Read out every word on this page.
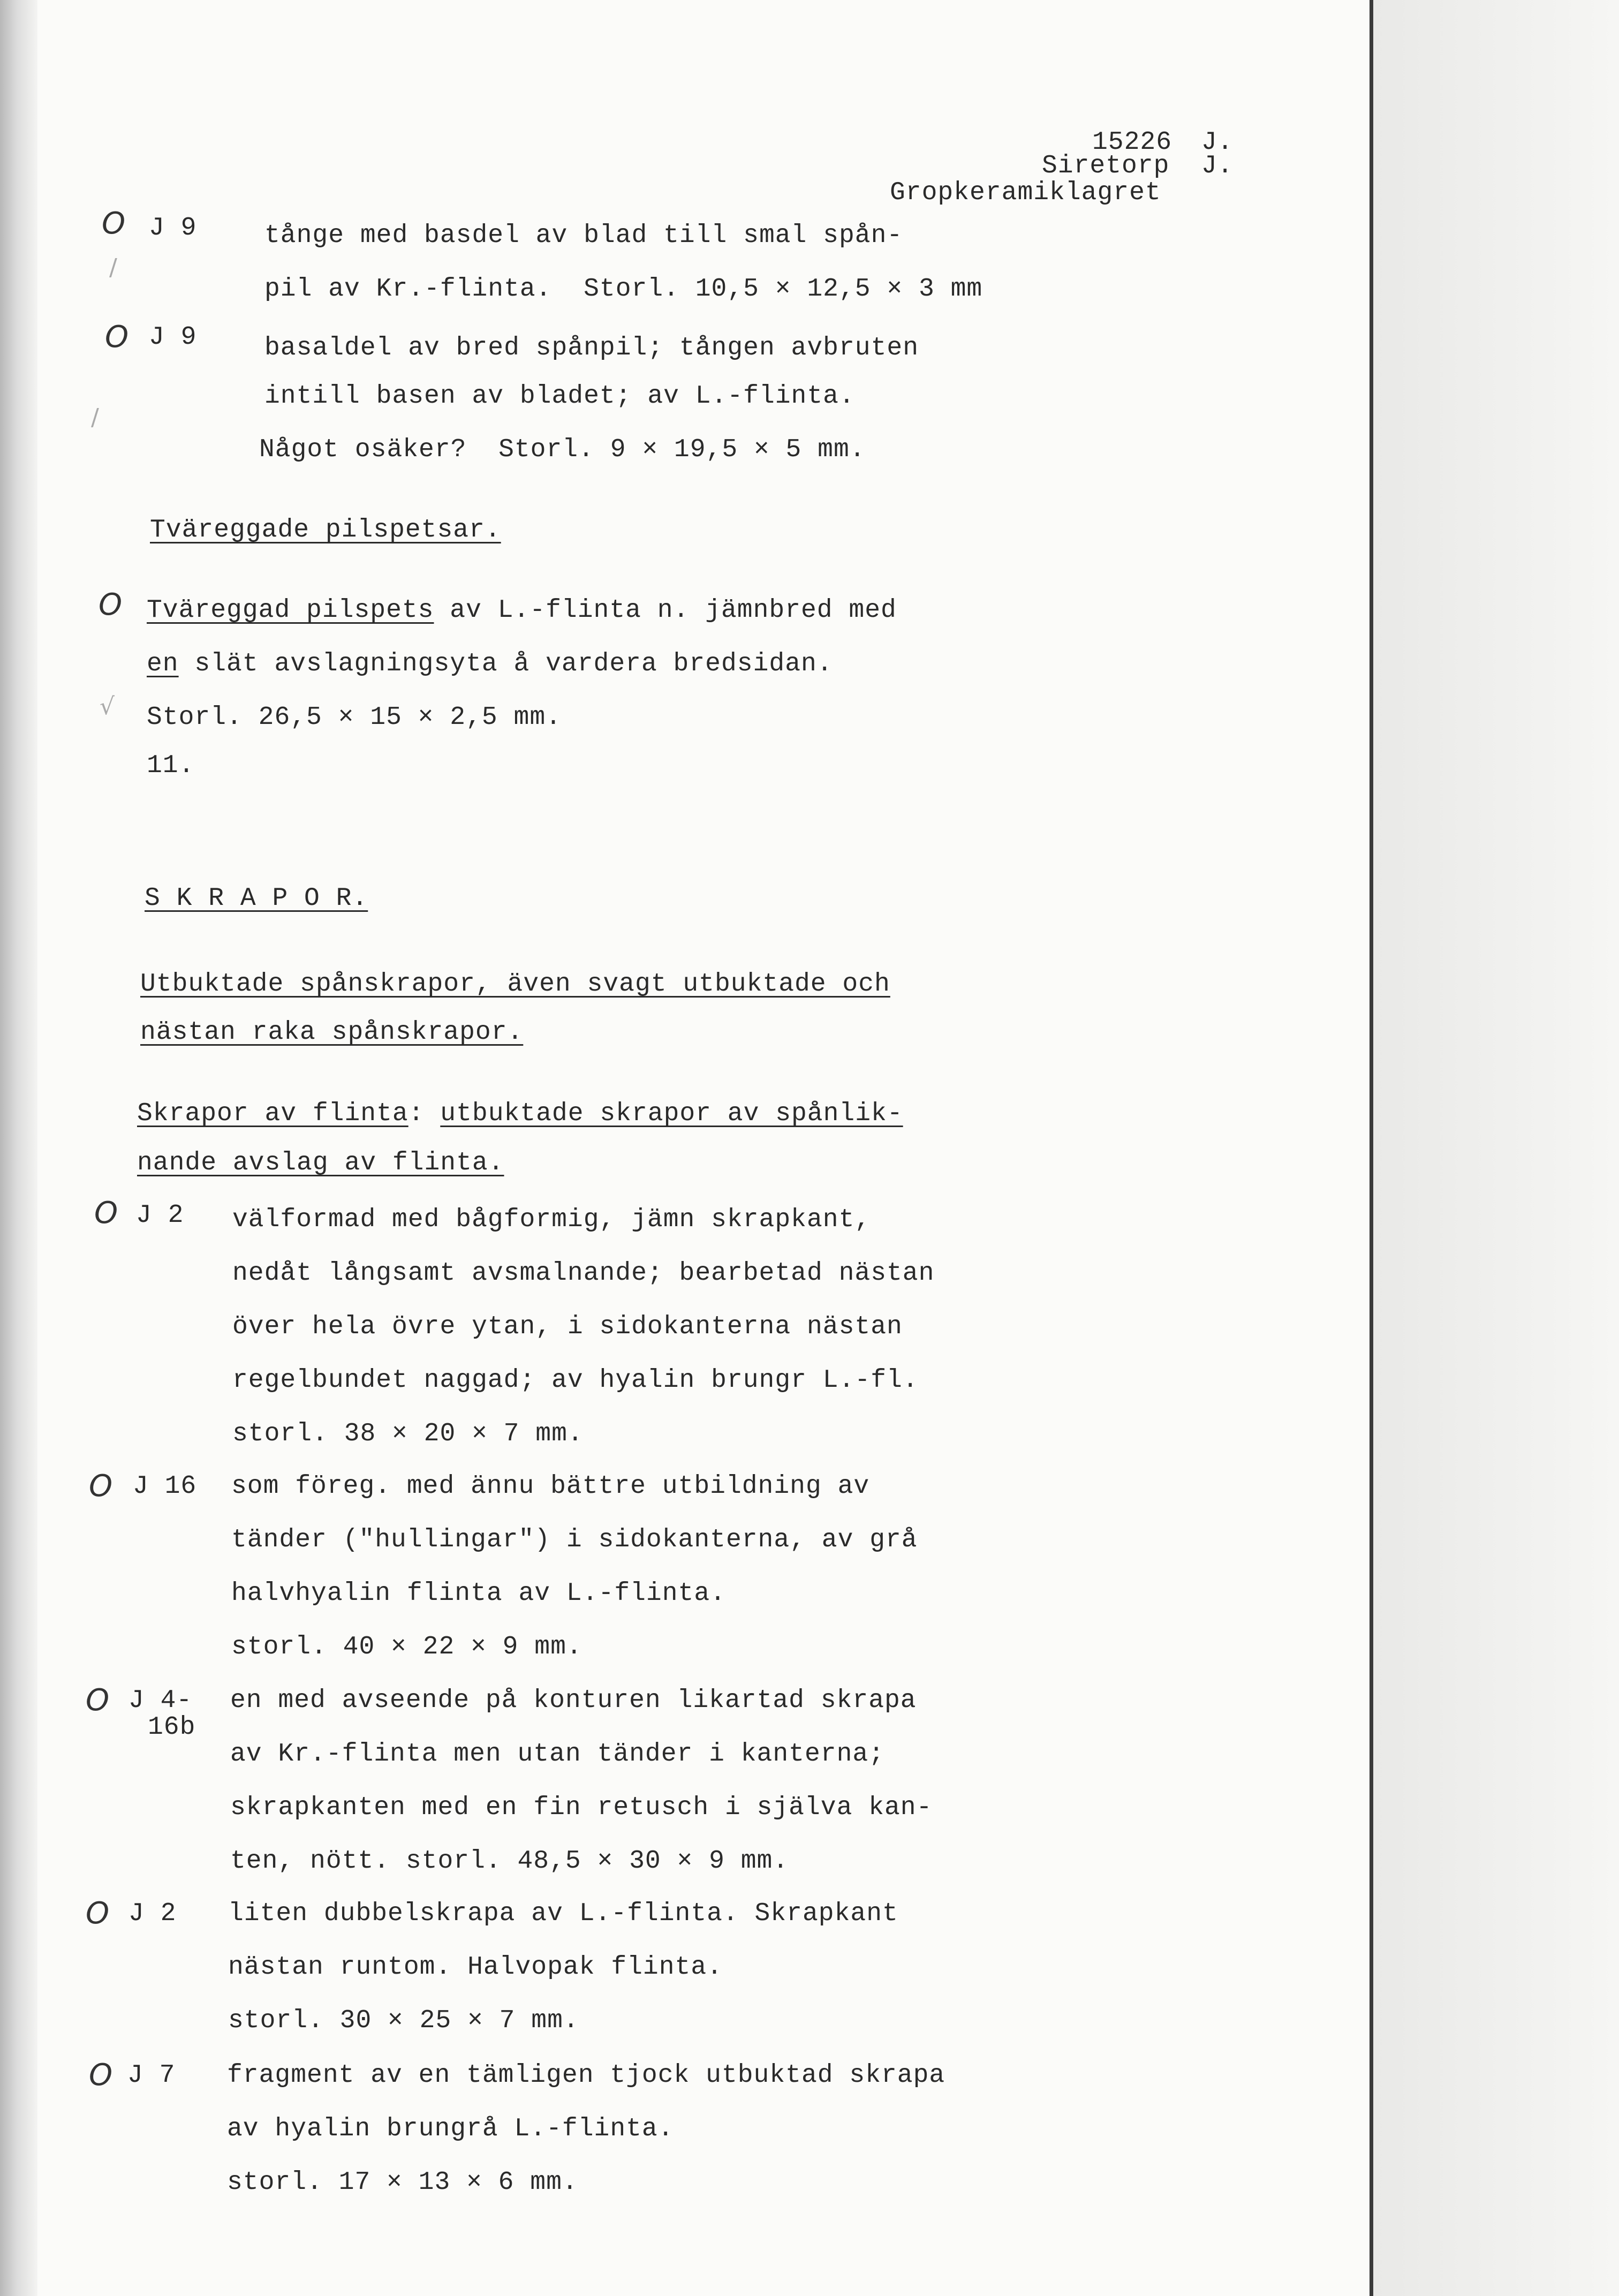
15226 J.
Siretorp J.
Gropkeramiklagret
O J 9	tånge med basdel av blad till smal spån-
pil av Kr.-flinta.  Storl. 10,5 × 12,5 × 3 mm
/
O J 9	basaldel av bred spånpil; tången avbruten
intill basen av bladet; av L.-flinta.
Något osäker?  Storl. 9 × 19,5 × 5 mm.
/
Tväreggade pilspetsar.
O Tväreggad pilspets av L.-flinta n. jämnbred med
en slät avslagningsyta å vardera bredsidan.
√ Storl. 26,5 × 15 × 2,5 mm.
11.
S K R A P O R.
Utbuktade spånskrapor, även svagt utbuktade och
nästan raka spånskrapor.
Skrapor av flinta: utbuktade skrapor av spånlik-
nande avslag av flinta.
O J 2 välformad med bågformig, jämn skrapkant,
nedåt långsamt avsmalnande; bearbetad nästan
över hela övre ytan, i sidokanterna nästan
regelbundet naggad; av hyalin brungr L.-fl.
storl. 38 × 20 × 7 mm.
O J 16 som föreg. med ännu bättre utbildning av
tänder ("hullingar") i sidokanterna, av grå
halvhyalin flinta av L.-flinta.
storl. 40 × 22 × 9 mm.
O J 4-
16b
en med avseende på konturen likartad skrapa
av Kr.-flinta men utan tänder i kanterna;
skrapkanten med en fin retusch i själva kan-
ten, nött. storl. 48,5 × 30 × 9 mm.
O J 2 liten dubbelskrapa av L.-flinta. Skrapkant
nästan runtom. Halvopak flinta.
storl. 30 × 25 × 7 mm.
O J 7 fragment av en tämligen tjock utbuktad skrapa
av hyalin brungrå L.-flinta.
storl. 17 × 13 × 6 mm.
